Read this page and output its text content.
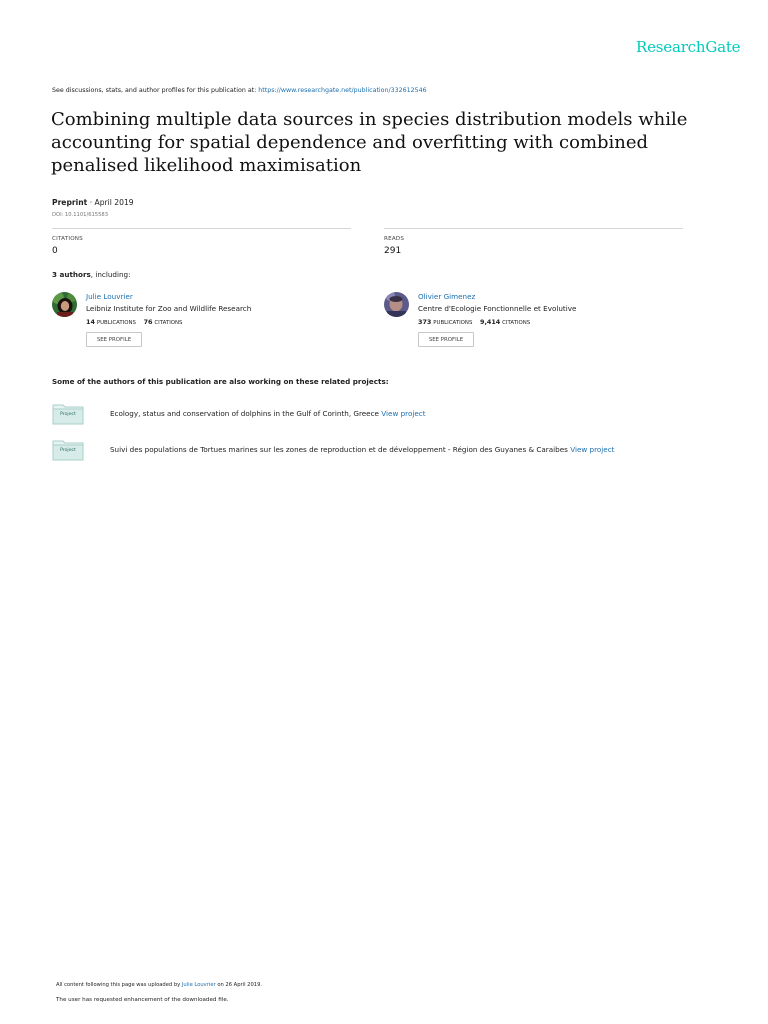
ResearchGate
See discussions, stats, and author profiles for this publication at: https://www.researchgate.net/publication/332612546
Combining multiple data sources in species distribution models while accounting for spatial dependence and overfitting with combined penalised likelihood maximisation
Preprint · April 2019
DOI: 10.1101/615583
CITATIONS
0
READS
291
3 authors, including:
Julie Louvrier
Leibniz Institute for Zoo and Wildlife Research
14 PUBLICATIONS 76 CITATIONS
SEE PROFILE
Olivier Gimenez
Centre d'Ecologie Fonctionnelle et Evolutive
373 PUBLICATIONS 9,414 CITATIONS
SEE PROFILE
Some of the authors of this publication are also working on these related projects:
Project	Ecology, status and conservation of dolphins in the Gulf of Corinth, Greece View project
Project	Suivi des populations de Tortues marines sur les zones de reproduction et de développement - Région des Guyanes & Caraibes View project
All content following this page was uploaded by Julie Louvrier on 26 April 2019.
The user has requested enhancement of the downloaded file.
